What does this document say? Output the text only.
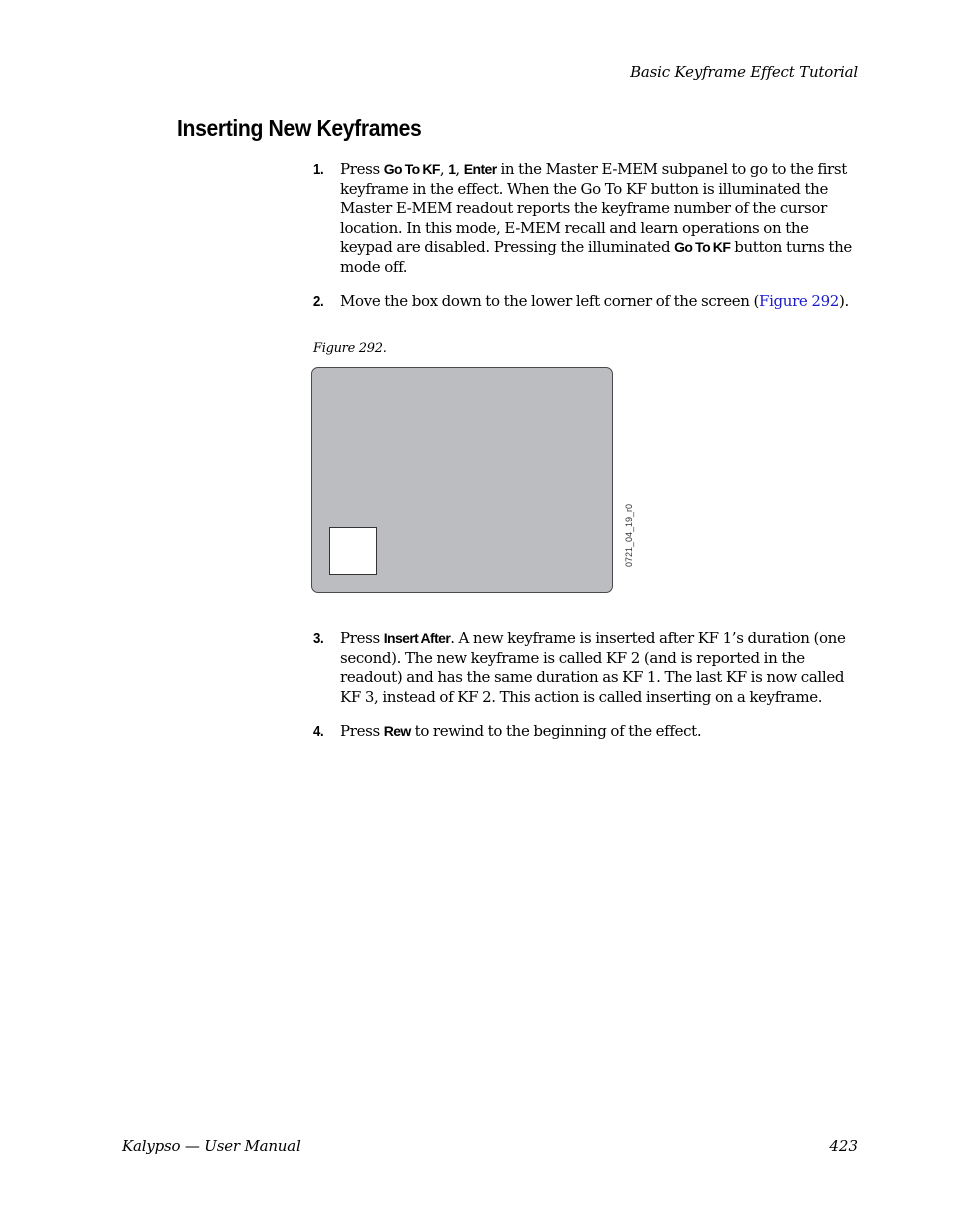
Basic Keyframe Effect Tutorial
Inserting New Keyframes
1. Press Go To KF, 1, Enter in the Master E-MEM subpanel to go to the first keyframe in the effect. When the Go To KF button is illuminated the Master E-MEM readout reports the keyframe number of the cursor location. In this mode, E-MEM recall and learn operations on the keypad are disabled. Pressing the illuminated Go To KF button turns the mode off.
2. Move the box down to the lower left corner of the screen (Figure 292).
Figure 292.
0721_04_19_r0
3. Press Insert After. A new keyframe is inserted after KF 1’s duration (one second). The new keyframe is called KF 2 (and is reported in the readout) and has the same duration as KF 1. The last KF is now called KF 3, instead of KF 2. This action is called inserting on a keyframe.
4. Press Rew to rewind to the beginning of the effect.
Kalypso — User Manual	423
